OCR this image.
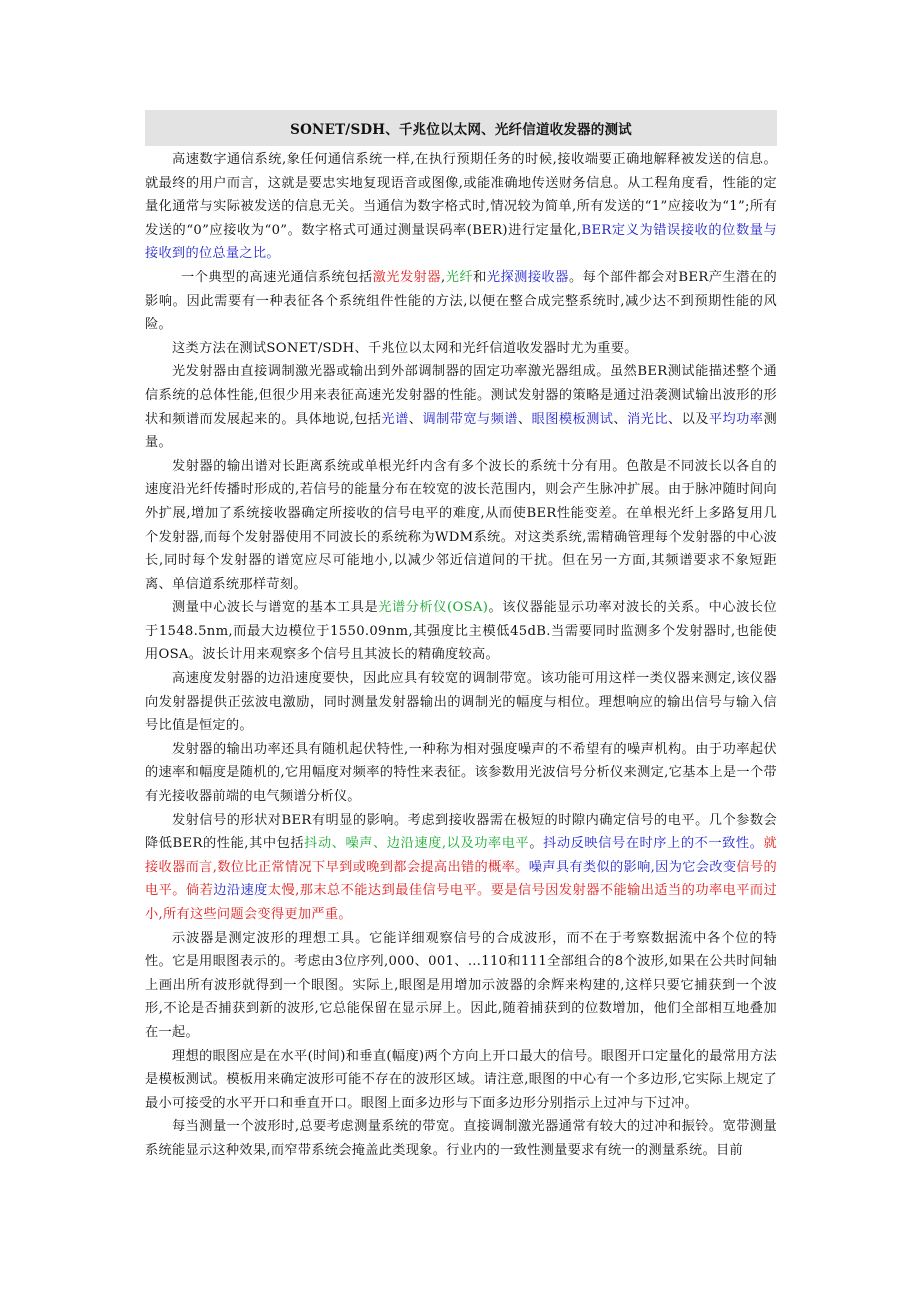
SONET/SDH、千兆位以太网、光纤信道收发器的测试

高速数字通信系统,象任何通信系统一样,在执行预期任务的时候,接收端要正确地解释被发送的信息。就最终的用户而言，这就是要忠实地复现语音或图像,或能准确地传送财务信息。从工程角度看，性能的定量化通常与实际被发送的信息无关。当通信为数字格式时,情况较为简单,所有发送的“1”应接收为“1”;所有发送的“0”应接收为“0”。数字格式可通过测量误码率(BER)进行定量化,BER定义为错误接收的位数量与接收到的位总量之比。

一个典型的高速光通信系统包括激光发射器,光纤和光探测接收器。每个部件都会对BER产生潜在的影响。因此需要有一种表征各个系统组件性能的方法,以便在整合成完整系统时,减少达不到预期性能的风险。

这类方法在测试SONET/SDH、千兆位以太网和光纤信道收发器时尤为重要。

光发射器由直接调制激光器或输出到外部调制器的固定功率激光器组成。虽然BER测试能描述整个通信系统的总体性能,但很少用来表征高速光发射器的性能。测试发射器的策略是通过沿袭测试输出波形的形状和频谱而发展起来的。具体地说,包括光谱、调制带宽与频谱、眼图模板测试、消光比、以及平均功率测量。

发射器的输出谱对长距离系统或单根光纤内含有多个波长的系统十分有用。色散是不同波长以各自的速度沿光纤传播时形成的,若信号的能量分布在较宽的波长范围内，则会产生脉冲扩展。由于脉冲随时间向外扩展,增加了系统接收器确定所接收的信号电平的难度,从而使BER性能变差。在单根光纤上多路复用几个发射器,而每个发射器使用不同波长的系统称为WDM系统。对这类系统,需精确管理每个发射器的中心波长,同时每个发射器的谱宽应尽可能地小,以减少邻近信道间的干扰。但在另一方面,其频谱要求不象短距离、单信道系统那样苛刻。

测量中心波长与谱宽的基本工具是光谱分析仪(OSA)。该仪器能显示功率对波长的关系。中心波长位于1548.5nm,而最大边模位于1550.09nm,其强度比主模低45dB.当需要同时监测多个发射器时,也能使用OSA。波长计用来观察多个信号且其波长的精确度较高。

高速度发射器的边沿速度要快，因此应具有较宽的调制带宽。该功能可用这样一类仪器来测定,该仪器向发射器提供正弦波电激励，同时测量发射器输出的调制光的幅度与相位。理想响应的输出信号与输入信号比值是恒定的。

发射器的输出功率还具有随机起伏特性,一种称为相对强度噪声的不希望有的噪声机构。由于功率起伏的速率和幅度是随机的,它用幅度对频率的特性来表征。该参数用光波信号分析仪来测定,它基本上是一个带有光接收器前端的电气频谱分析仪。

发射信号的形状对BER有明显的影响。考虑到接收器需在极短的时隙内确定信号的电平。几个参数会降低BER的性能,其中包括抖动、噪声、边沿速度,以及功率电平。抖动反映信号在时序上的不一致性。就接收器而言,数位比正常情况下早到或晚到都会提高出错的概率。噪声具有类似的影响,因为它会改变信号的电平。倘若边沿速度太慢,那末总不能达到最佳信号电平。要是信号因发射器不能输出适当的功率电平而过小,所有这些问题会变得更加严重。

示波器是测定波形的理想工具。它能详细观察信号的合成波形，而不在于考察数据流中各个位的特性。它是用眼图表示的。考虑由3位序列,000、001、…110和111全部组合的8个波形,如果在公共时间轴上画出所有波形就得到一个眼图。实际上,眼图是用增加示波器的余辉来构建的,这样只要它捕获到一个波形,不论是否捕获到新的波形,它总能保留在显示屏上。因此,随着捕获到的位数增加，他们全部相互地叠加在一起。

理想的眼图应是在水平(时间)和垂直(幅度)两个方向上开口最大的信号。眼图开口定量化的最常用方法是模板测试。模板用来确定波形可能不存在的波形区域。请注意,眼图的中心有一个多边形,它实际上规定了最小可接受的水平开口和垂直开口。眼图上面多边形与下面多边形分别指示上过冲与下过冲。

每当测量一个波形时,总要考虑测量系统的带宽。直接调制激光器通常有较大的过冲和振铃。宽带测量系统能显示这种效果,而窄带系统会掩盖此类现象。行业内的一致性测量要求有统一的测量系统。目前
